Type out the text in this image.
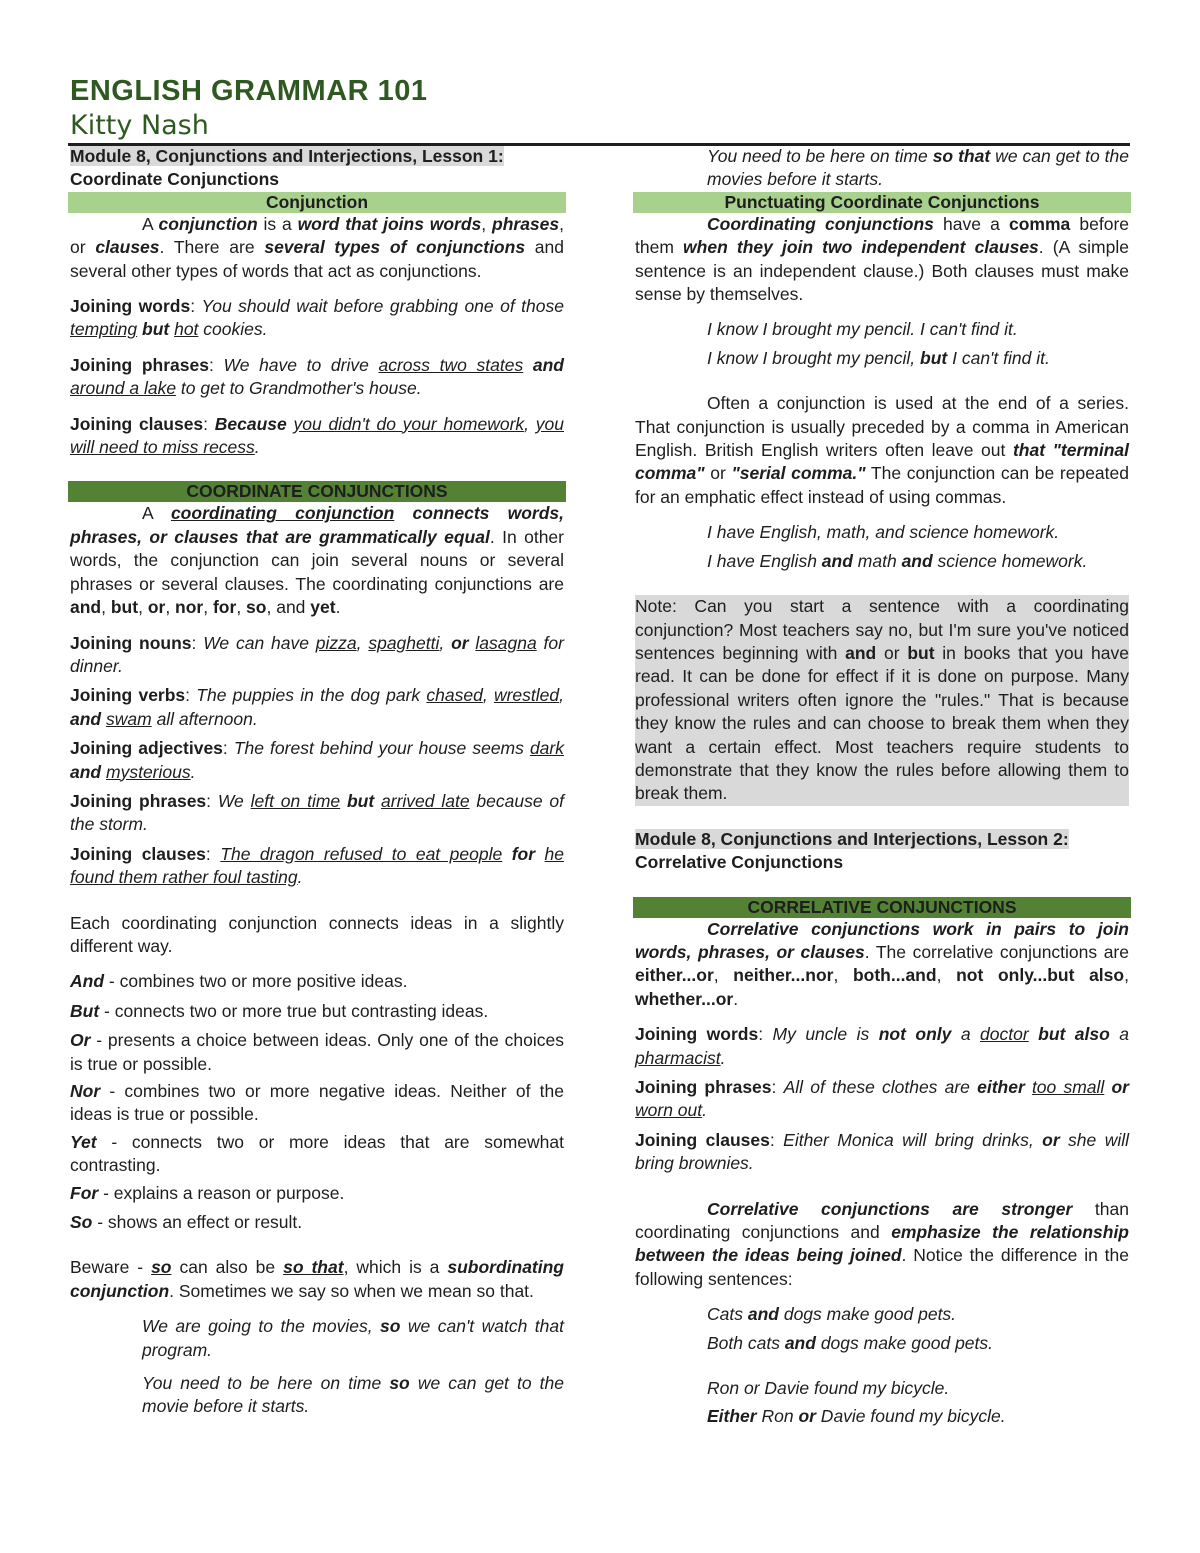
ENGLISH GRAMMAR 101
Kitty Nash

Module 8, Conjunctions and Interjections, Lesson 1:

Coordinate Conjunctions

Conjunction

A conjunction is a word that joins words, phrases, or clauses. There are several types of conjunctions and several other types of words that act as conjunctions.

Joining words: You should wait before grabbing one of those tempting but hot cookies.

Joining phrases: We have to drive across two states and around a lake to get to Grandmother's house.

Joining clauses: Because you didn't do your homework, you will need to miss recess.

COORDINATE CONJUNCTIONS

A coordinating conjunction connects words, phrases, or clauses that are grammatically equal. In other words, the conjunction can join several nouns or several phrases or several clauses. The coordinating conjunctions are and, but, or, nor, for, so, and yet.

Joining nouns: We can have pizza, spaghetti, or lasagna for dinner.

Joining verbs: The puppies in the dog park chased, wrestled, and swam all afternoon.

Joining adjectives: The forest behind your house seems dark and mysterious.

Joining phrases: We left on time but arrived late because of the storm.

Joining clauses: The dragon refused to eat people for he found them rather foul tasting.

Each coordinating conjunction connects ideas in a slightly different way.

And - combines two or more positive ideas.

But - connects two or more true but contrasting ideas.

Or - presents a choice between ideas. Only one of the choices is true or possible.

Nor - combines two or more negative ideas. Neither of the ideas is true or possible.

Yet - connects two or more ideas that are somewhat contrasting.

For - explains a reason or purpose.

So - shows an effect or result.

Beware - so can also be so that, which is a subordinating conjunction. Sometimes we say so when we mean so that.

We are going to the movies, so we can't watch that program.

You need to be here on time so we can get to the movie before it starts.

You need to be here on time so that we can get to the movies before it starts.

Punctuating Coordinate Conjunctions

Coordinating conjunctions have a comma before them when they join two independent clauses. (A simple sentence is an independent clause.) Both clauses must make sense by themselves.

I know I brought my pencil. I can't find it.

I know I brought my pencil, but I can't find it.

Often a conjunction is used at the end of a series. That conjunction is usually preceded by a comma in American English. British English writers often leave out that "terminal comma" or "serial comma." The conjunction can be repeated for an emphatic effect instead of using commas.

I have English, math, and science homework.

I have English and math and science homework.

Note: Can you start a sentence with a coordinating conjunction? Most teachers say no, but I'm sure you've noticed sentences beginning with and or but in books that you have read. It can be done for effect if it is done on purpose. Many professional writers often ignore the "rules." That is because they know the rules and can choose to break them when they want a certain effect. Most teachers require students to demonstrate that they know the rules before allowing them to break them.

Module 8, Conjunctions and Interjections, Lesson 2:

Correlative Conjunctions

CORRELATIVE CONJUNCTIONS

Correlative conjunctions work in pairs to join words, phrases, or clauses. The correlative conjunctions are either...or, neither...nor, both...and, not only...but also, whether...or.

Joining words: My uncle is not only a doctor but also a pharmacist.

Joining phrases: All of these clothes are either too small or worn out.

Joining clauses: Either Monica will bring drinks, or she will bring brownies.

Correlative conjunctions are stronger than coordinating conjunctions and emphasize the relationship between the ideas being joined. Notice the difference in the following sentences:

Cats and dogs make good pets.

Both cats and dogs make good pets.

Ron or Davie found my bicycle.

Either Ron or Davie found my bicycle.
